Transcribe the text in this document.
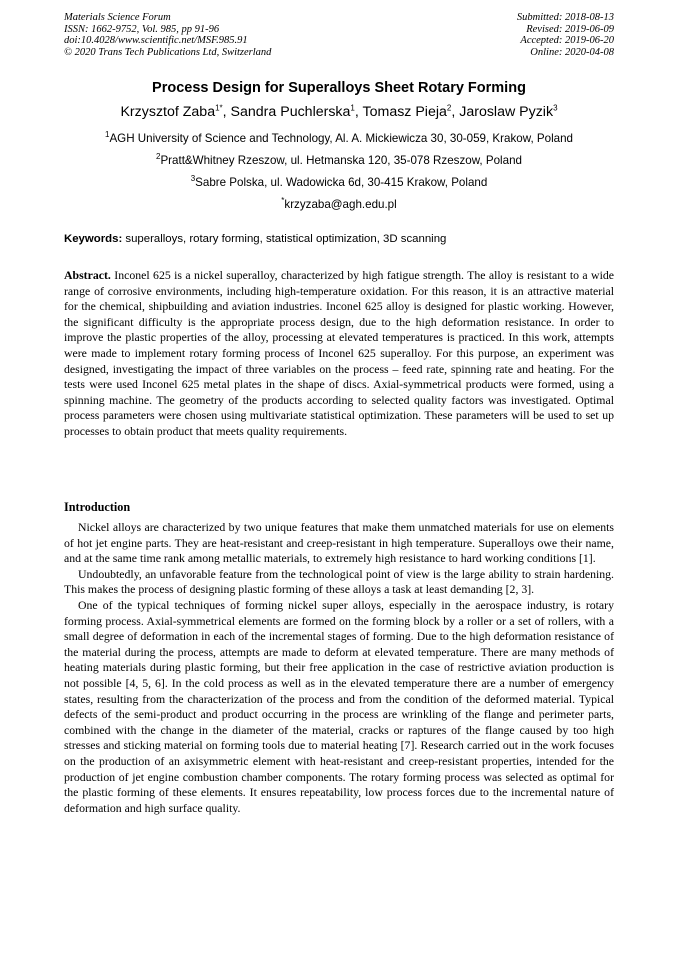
Materials Science Forum
ISSN: 1662-9752, Vol. 985, pp 91-96
doi:10.4028/www.scientific.net/MSF.985.91
© 2020 Trans Tech Publications Ltd, Switzerland
Submitted: 2018-08-13
Revised: 2019-06-09
Accepted: 2019-06-20
Online: 2020-04-08
Process Design for Superalloys Sheet Rotary Forming
Krzysztof Zaba$^{1*}$, Sandra Puchlerska$^1$, Tomasz Pieja$^2$, Jaroslaw Pyzik$^3$
$^1$AGH University of Science and Technology, Al. A. Mickiewicza 30, 30-059, Krakow, Poland
$^2$Pratt&Whitney Rzeszow, ul. Hetmanska 120, 35-078 Rzeszow, Poland
$^3$Sabre Polska, ul. Wadowicka 6d, 30-415 Krakow, Poland
*krzyzaba@agh.edu.pl
Keywords: superalloys, rotary forming, statistical optimization, 3D scanning
Abstract. Inconel 625 is a nickel superalloy, characterized by high fatigue strength. The alloy is resistant to a wide range of corrosive environments, including high-temperature oxidation. For this reason, it is an attractive material for the chemical, shipbuilding and aviation industries. Inconel 625 alloy is designed for plastic working. However, the significant difficulty is the appropriate process design, due to the high deformation resistance. In order to improve the plastic properties of the alloy, processing at elevated temperatures is practiced. In this work, attempts were made to implement rotary forming process of Inconel 625 superalloy. For this purpose, an experiment was designed, investigating the impact of three variables on the process – feed rate, spinning rate and heating. For the tests were used Inconel 625 metal plates in the shape of discs. Axial-symmetrical products were formed, using a spinning machine. The geometry of the products according to selected quality factors was investigated. Optimal process parameters were chosen using multivariate statistical optimization. These parameters will be used to set up processes to obtain product that meets quality requirements.
Introduction

Nickel alloys are characterized by two unique features that make them unmatched materials for use on elements of hot jet engine parts. They are heat-resistant and creep-resistant in high temperature. Superalloys owe their name, and at the same time rank among metallic materials, to extremely high resistance to hard working conditions [1].

Undoubtedly, an unfavorable feature from the technological point of view is the large ability to strain hardening. This makes the process of designing plastic forming of these alloys a task at least demanding [2, 3].

One of the typical techniques of forming nickel super alloys, especially in the aerospace industry, is rotary forming process. Axial-symmetrical elements are formed on the forming block by a roller or a set of rollers, with a small degree of deformation in each of the incremental stages of forming. Due to the high deformation resistance of the material during the process, attempts are made to deform at elevated temperature. There are many methods of heating materials during plastic forming, but their free application in the case of restrictive aviation production is not possible [4, 5, 6]. In the cold process as well as in the elevated temperature there are a number of emergency states, resulting from the characterization of the process and from the condition of the deformed material. Typical defects of the semi-product and product occurring in the process are wrinkling of the flange and perimeter parts, combined with the change in the diameter of the material, cracks or raptures of the flange caused by too high stresses and sticking material on forming tools due to material heating [7]. Research carried out in the work focuses on the production of an axisymmetric element with heat-resistant and creep-resistant properties, intended for the production of jet engine combustion chamber components. The rotary forming process was selected as optimal for the plastic forming of these elements. It ensures repeatability, low process forces due to the incremental nature of deformation and high surface quality.
